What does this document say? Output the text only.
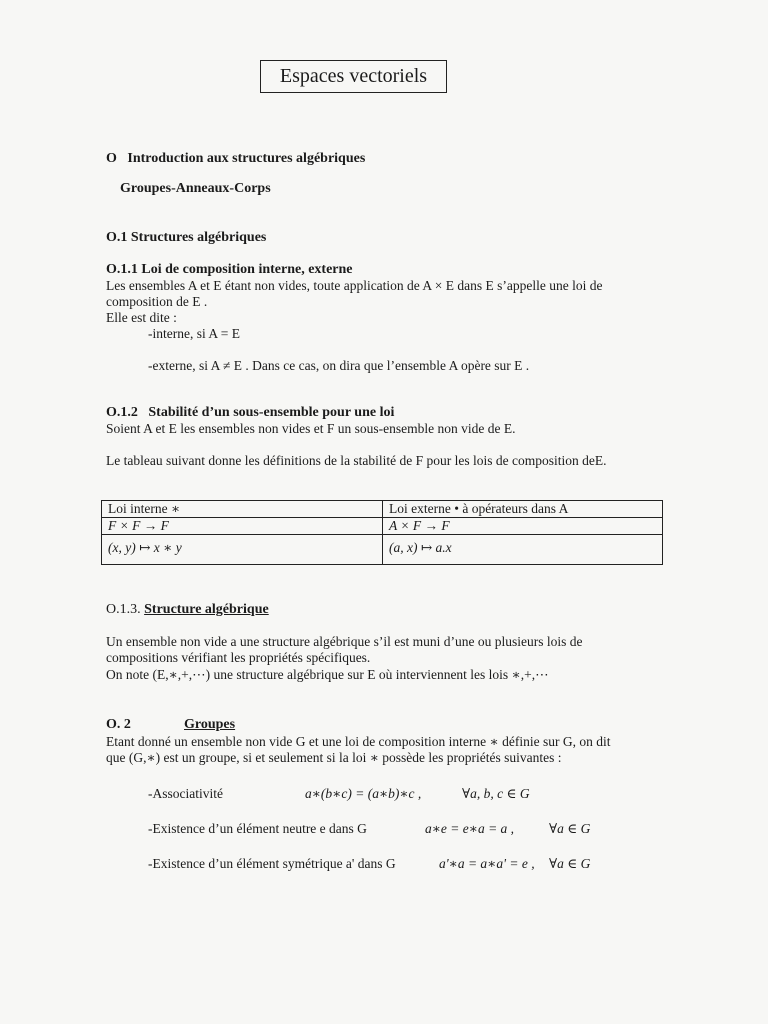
Espaces vectoriels
O Introduction aux structures algébriques
Groupes-Anneaux-Corps
O.1 Structures algébriques
O.1.1 Loi de composition interne, externe
Les ensembles A et E étant non vides, toute application de A × E dans E s’appelle une loi de
composition de E .
Elle est dite :
-interne, si A = E
-externe, si A ≠ E . Dans ce cas, on dira que l’ensemble A opère sur E .
O.1.2 Stabilité d’un sous-ensemble pour une loi
Soient A et E les ensembles non vides et F un sous-ensemble non vide de E.
Le tableau suivant donne les définitions de la stabilité de F pour les lois de composition deE.
Loi interne ∗	Loi externe • à opérateurs dans A
F × F → F	A × F → F
(x, y) ↦ x ∗ y	(a, x) ↦ a.x
O.1.3. Structure algébrique
Un ensemble non vide a une structure algébrique s’il est muni d’une ou plusieurs lois de
compositions vérifiant les propriétés spécifiques.
On note (E,∗,+,⋯) une structure algébrique sur E où interviennent les lois ∗,+,⋯
O. 2	Groupes
Etant donné un ensemble non vide G et une loi de composition interne ∗ définie sur G, on dit
que (G,∗) est un groupe, si et seulement si la loi ∗ possède les propriétés suivantes :
-Associativité	a∗(b∗c) = (a∗b)∗c ,	∀a, b, c ∈ G
-Existence d’un élément neutre e dans G	a∗e = e∗a = a ,	∀a ∈ G
-Existence d’un élément symétrique a' dans G	a'∗a = a∗a' = e , ∀a ∈ G
